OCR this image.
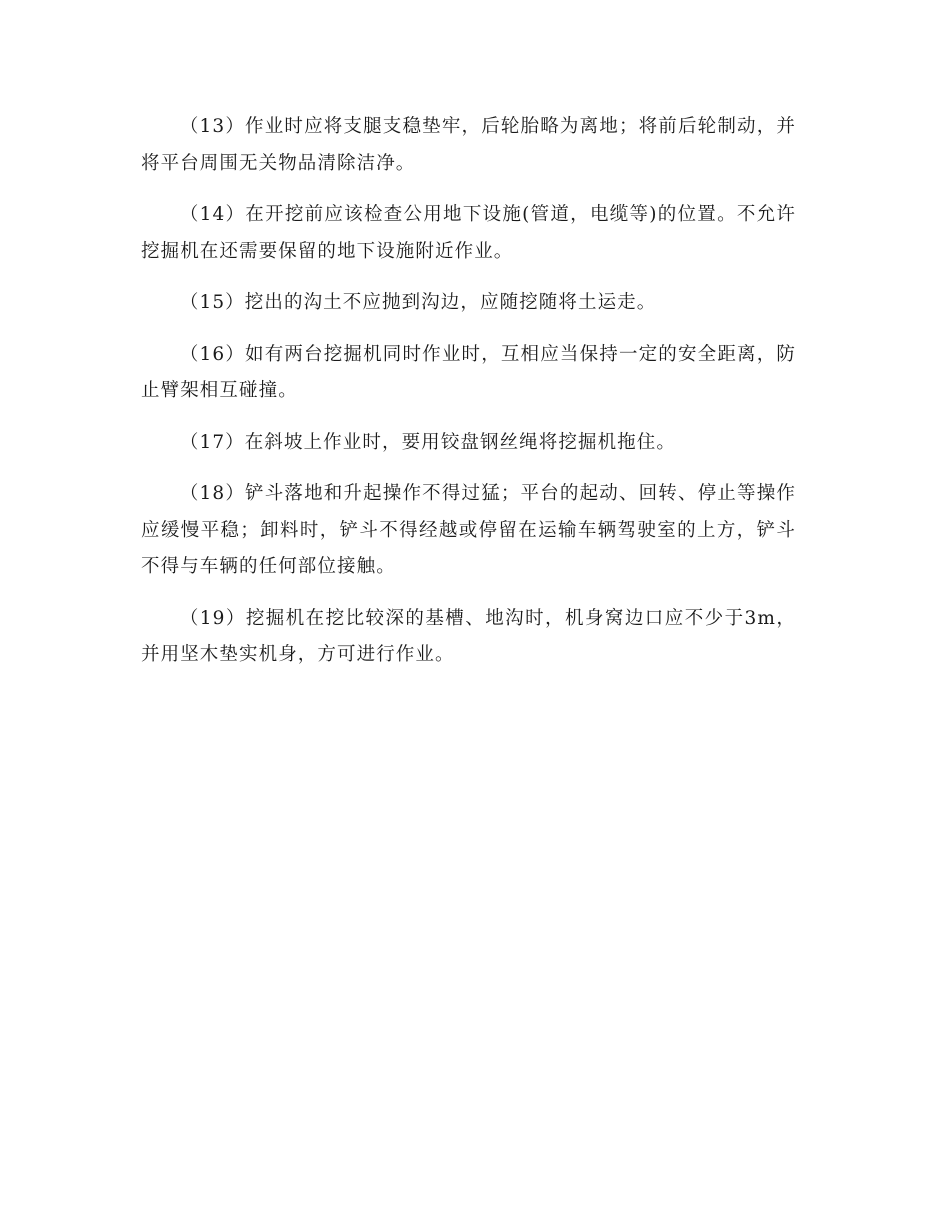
（13）作业时应将支腿支稳垫牢，后轮胎略为离地；将前后轮制动，并将平台周围无关物品清除洁净。

（14）在开挖前应该检查公用地下设施(管道，电缆等)的位置。不允许挖掘机在还需要保留的地下设施附近作业。

（15）挖出的沟土不应抛到沟边，应随挖随将土运走。

（16）如有两台挖掘机同时作业时，互相应当保持一定的安全距离，防止臂架相互碰撞。

（17）在斜坡上作业时，要用铰盘钢丝绳将挖掘机拖住。

（18）铲斗落地和升起操作不得过猛；平台的起动、回转、停止等操作应缓慢平稳；卸料时，铲斗不得经越或停留在运输车辆驾驶室的上方，铲斗不得与车辆的任何部位接触。

（19）挖掘机在挖比较深的基槽、地沟时，机身窝边口应不少于3m，并用坚木垫实机身，方可进行作业。
